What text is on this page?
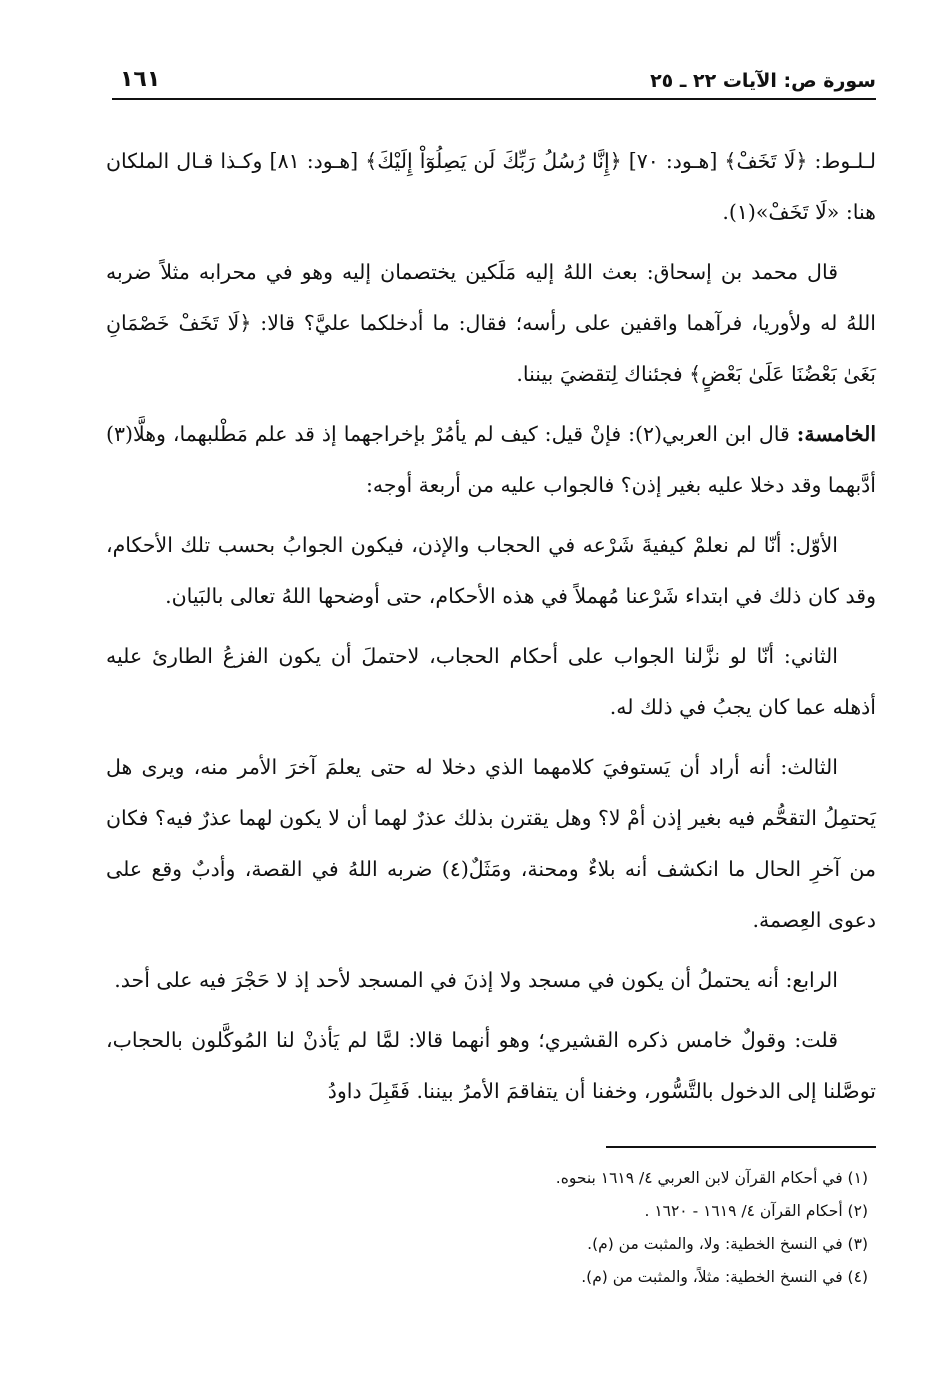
سورة ص: الآيات ٢٢ ـ ٢٥
١٦١

لـلـوط: ﴿لَا تَخَفْ﴾ [هـود: ٧٠] ﴿إِنَّا رُسُلُ رَبِّكَ لَن يَصِلُوٓاْ إِلَيْكَ﴾ [هـود: ٨١] وكـذا قـال الملكان هنا: «لَا تَخَفْ»(١).

قال محمد بن إسحاق: بعث اللهُ إليه مَلَكين يختصمان إليه وهو في محرابه مثلاً ضربه اللهُ له ولأوريا، فرآهما واقفين على رأسه؛ فقال: ما أدخلكما عليَّ؟ قالا: ﴿لَا تَخَفْ خَصْمَانِ بَغَىٰ بَعْضُنَا عَلَىٰ بَعْضٍ﴾ فجئناك لِتقضيَ بيننا.

الخامسة: قال ابن العربي(٢): فإنْ قيل: كيف لم يأمُرْ بإخراجهما إذ قد علم مَطْلبهما، وهلَّا(٣) أدَّبهما وقد دخلا عليه بغير إذن؟ فالجواب عليه من أربعة أوجه:

الأوّل: أنّا لم نعلمْ كيفيةَ شَرْعه في الحجاب والإذن، فيكون الجوابُ بحسب تلك الأحكام، وقد كان ذلك في ابتداء شَرْعنا مُهملاً في هذه الأحكام، حتى أوضحها اللهُ تعالى بالبَيان.

الثاني: أنّا لو نزَّلنا الجواب على أحكام الحجاب، لاحتملَ أن يكون الفزعُ الطارئ عليه أذهله عما كان يجبُ في ذلك له.

الثالث: أنه أراد أن يَستوفيَ كلامهما الذي دخلا له حتى يعلمَ آخرَ الأمر منه، ويرى هل يَحتمِلُ التقحُّم فيه بغير إذن أمْ لا؟ وهل يقترن بذلك عذرٌ لهما أن لا يكون لهما عذرٌ فيه؟ فكان من آخرِ الحال ما انكشف أنه بلاءٌ ومحنة، ومَثَلٌ(٤) ضربه اللهُ في القصة، وأدبٌ وقع على دعوى العِصمة.

الرابع: أنه يحتملُ أن يكون في مسجد ولا إذنَ في المسجد لأحد إذ لا حَجْرَ فيه على أحد.

قلت: وقولٌ خامس ذكره القشيري؛ وهو أنهما قالا: لمَّا لم يَأذنْ لنا المُوكَّلون بالحجاب، توصَّلنا إلى الدخول بالتَّسُّور، وخفنا أن يتفاقمَ الأمرُ بيننا. فَقَبِلَ داودُ

(١) في أحكام القرآن لابن العربي ٤/ ١٦١٩ بنحوه.

(٢) أحكام القرآن ٤/ ١٦١٩ - ١٦٢٠ .

(٣) في النسخ الخطية: ولا، والمثبت من (م).

(٤) في النسخ الخطية: مثلاً، والمثبت من (م).
